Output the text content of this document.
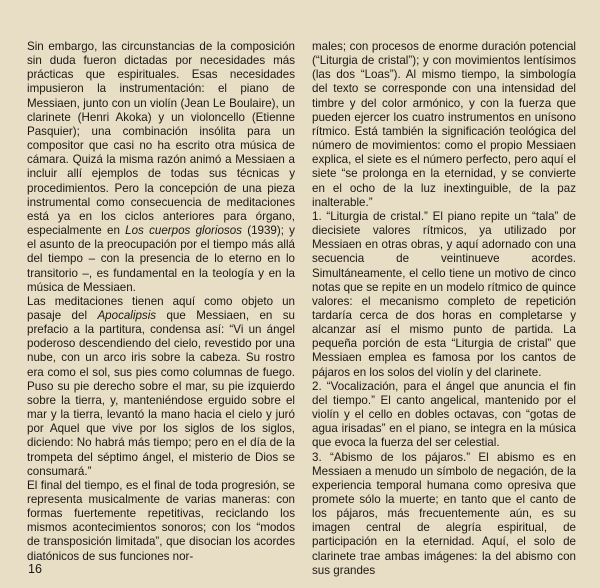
Sin embargo, las circunstancias de la composición sin duda fueron dictadas por necesidades más prácticas que espirituales. Esas necesidades impusieron la instrumentación: el piano de Messiaen, junto con un violín (Jean Le Boulaire), un clarinete (Henri Akoka) y un violoncello (Etienne Pasquier); una combinación insólita para un compositor que casi no ha escrito otra música de cámara. Quizá la misma razón animó a Messiaen a incluir allí ejemplos de todas sus técnicas y procedimientos. Pero la concepción de una pieza instrumental como consecuencia de meditaciones está ya en los ciclos anteriores para órgano, especialmente en Los cuerpos gloriosos (1939); y el asunto de la preocupación por el tiempo más allá del tiempo – con la presencia de lo eterno en lo transitorio –, es fundamental en la teología y en la música de Messiaen.

Las meditaciones tienen aquí como objeto un pasaje del Apocalipsis que Messiaen, en su prefacio a la partitura, condensa así: “Vi un ángel poderoso descendiendo del cielo, revestido por una nube, con un arco iris sobre la cabeza. Su rostro era como el sol, sus pies como columnas de fuego. Puso su pie derecho sobre el mar, su pie izquierdo sobre la tierra, y, manteniéndose erguido sobre el mar y la tierra, levantó la mano hacia el cielo y juró por Aquel que vive por los siglos de los siglos, diciendo: No habrá más tiempo; pero en el día de la trompeta del séptimo ángel, el misterio de Dios se consumará.”

El final del tiempo, es el final de toda progresión, se representa musicalmente de varias maneras: con formas fuertemente repetitivas, reciclando los mismos acontecimientos sonoros; con los “modos de transposición limitada”, que disocian los acordes diatónicos de sus funciones nor-

males; con procesos de enorme duración potencial (“Liturgia de cristal”); y con movimientos lentísimos (las dos “Loas”). Al mismo tiempo, la simbología del texto se corresponde con una intensidad del timbre y del color armónico, y con la fuerza que pueden ejercer los cuatro instrumentos en unísono rítmico. Está también la significación teológica del número de movimientos: como el propio Messiaen explica, el siete es el número perfecto, pero aquí el siete “se prolonga en la eternidad, y se convierte en el ocho de la luz inextinguible, de la paz inalterable.”

1. “Liturgia de cristal.” El piano repite un “tala” de diecisiete valores rítmicos, ya utilizado por Messiaen en otras obras, y aquí adornado con una secuencia de veintinueve acordes. Simultáneamente, el cello tiene un motivo de cinco notas que se repite en un modelo rítmico de quince valores: el mecanismo completo de repetición tardaría cerca de dos horas en completarse y alcanzar así el mismo punto de partida. La pequeña porción de esta “Liturgia de cristal” que Messiaen emplea es famosa por los cantos de pájaros en los solos del violín y del clarinete.

2. “Vocalización, para el ángel que anuncia el fin del tiempo.” El canto angelical, mantenido por el violín y el cello en dobles octavas, con “gotas de agua irisadas” en el piano, se integra en la música que evoca la fuerza del ser celestial.

3. “Abismo de los pájaros.” El abismo es en Messiaen a menudo un símbolo de negación, de la experiencia temporal humana como opresiva que promete sólo la muerte; en tanto que el canto de los pájaros, más frecuentemente aún, es su imagen central de alegría espiritual, de participación en la eternidad. Aquí, el solo de clarinete trae ambas imágenes: la del abismo con sus grandes

16
